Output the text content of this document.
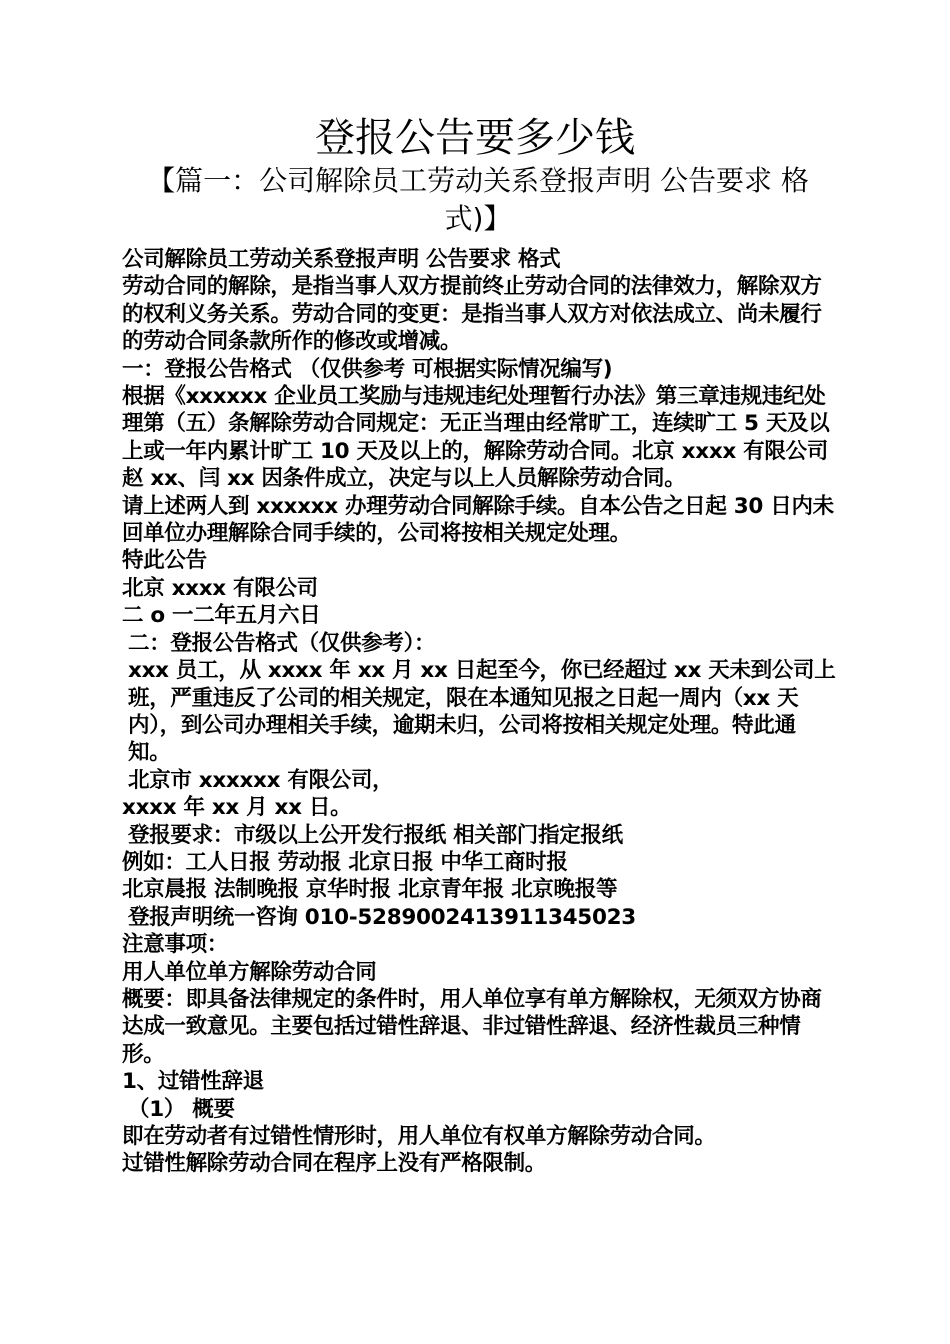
登报公告要多少钱
【篇一：公司解除员工劳动关系登报声明 公告要求 格式)】

公司解除员工劳动关系登报声明 公告要求 格式

劳动合同的解除，是指当事人双方提前终止劳动合同的法律效力，解除双方的权利义务关系。劳动合同的变更：是指当事人双方对依法成立、尚未履行的劳动合同条款所作的修改或增减。

一：登报公告格式 （仅供参考 可根据实际情况编写)

根据《xxxxxx 企业员工奖励与违规违纪处理暂行办法》第三章违规违纪处理第（五）条解除劳动合同规定：无正当理由经常旷工，连续旷工 5 天及以上或一年内累计旷工 10 天及以上的，解除劳动合同。北京 xxxx 有限公司 赵 xx、闫 xx 因条件成立，决定与以上人员解除劳动合同。

请上述两人到 xxxxxx 办理劳动合同解除手续。自本公告之日起 30 日内未回单位办理解除合同手续的，公司将按相关规定处理。

特此公告

北京 xxxx 有限公司

二 o 一二年五月六日

二：登报公告格式（仅供参考）：

xxx 员工，从 xxxx 年 xx 月 xx 日起至今，你已经超过 xx 天未到公司上班，严重违反了公司的相关规定，限在本通知见报之日起一周内（xx 天内），到公司办理相关手续，逾期未归，公司将按相关规定处理。特此通知。

北京市 xxxxxx 有限公司，

xxxx 年 xx 月 xx 日。

登报要求：市级以上公开发行报纸 相关部门指定报纸

例如：工人日报 劳动报 北京日报 中华工商时报

北京晨报 法制晚报 京华时报 北京青年报 北京晚报等

登报声明统一咨询 010-5289002413911345023

注意事项：

用人单位单方解除劳动合同

概要：即具备法律规定的条件时，用人单位享有单方解除权，无须双方协商达成一致意见。主要包括过错性辞退、非过错性辞退、经济性裁员三种情形。

1、过错性辞退

（1） 概要

即在劳动者有过错性情形时，用人单位有权单方解除劳动合同。

过错性解除劳动合同在程序上没有严格限制。
